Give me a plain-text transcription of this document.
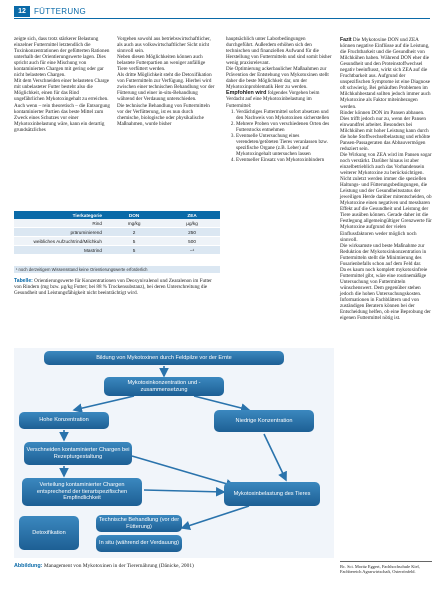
12	FÜTTERUNG

zeigte sich, dass trotz stärkerer Belastung einzelner Futtermittel letztendlich die Toxinkonzentrationen der gefütterten Rationen unterhalb der Orientierungswerte lagen. Dies spricht auch für eine Mischung von kontaminierten Chargen mit gering oder gar nicht belasteten Chargen.

Mit dem Verschneiden einer belasteten Charge mit unbelasteter Futter besteht also die Möglichkeit, einen für das Rind ungefährlichen Mykotoxingehalt zu erreichen.

Auch wenn – rein theoretisch – die Entsorgung kontaminierter Partien das beste Mittel zum Zweck eines Schutzes vor einer Mykotoxinbelastung wäre, kann ein derartig grundsätzliches

Vorgehen sowohl aus betriebswirtschaftlicher, als auch aus volkswirtschaftlicher Sicht nicht sinnvoll sein.

Neben diesen Möglichkeiten können auch belastete Futterpartien an weniger anfällige Tiere verfüttert werden.

Als dritte Möglichkeit steht die Detoxifikation von Futtermitteln zur Verfügung. Hierbei wird zwischen einer technischen Behandlung vor der Fütterung und einer in-situ-Behandlung während der Verdauung unterschieden.

Die technische Behandlung von Futtermitteln vor der Verfütterung, ist es nun durch chemische, biologische oder physikalische Maßnahmen, wurde bisher

hauptsächlich unter Laborbedingungen durchgeführt. Außerdem erhöhen sich den technischen und finanziellen Aufwand für die Herstellung von Futtermitteln und sind somit bisher wenig praxisrelevant.

Die Optimierung ackerbaulicher Maßnahmen zur Prävention der Entstehung von Mykotoxinen stellt daher die beste Möglichkeit dar, um der Mykotoxinproblematik Herr zu werden.

Empfohlen wird folgendes Vorgehen beim Verdacht auf eine Mykotoxinbelastung im Futtermittel:

1. Verdächtiges Futtermittel sofort absetzen und den Nachweis von Mykotoxinen sicherstellen
2. Mehrere Proben von verschiedenen Orten des Futterstocks entnehmen
3. Eventuelle Untersuchung eines verendeten/getöteten Tieres veranlassen bzw. spezifische Organe (z.B. Leber) auf Mykotoxingehalt untersuchen lassen
4. Eventueller Einsatz von Mykotoxinbindern

Fazit Die Mykotoxine DON und ZEA können negative Einflüsse auf die Leistung, die Fruchtbarkeit und die Gesundheit von Milchkühen haben. Während DON eher die Gesundheit und den Proteinstoffwechsel negativ beeinflusst, wirkt sich ZEA auf die Fruchtbarkeit aus. Aufgrund der unspezifischen Symptome ist eine Diagnose oft schwierig. Bei gehäuften Problemen im Milchkuhbestand sollten jedoch immer auch Mykotoxine als Faktor miteinbezogen werden.

Rinder können DON im Pansen abbauen. Dies trifft jedoch nur zu, wenn der Pansen einwandfrei arbeitet. Besonders bei Milchkühen mit hoher Leistung kann durch die hohe Stoffwechselbelastung und erhöhte Pansen-Passageraten das Abbauvermögen reduziert sein.

Die Wirkung von ZEA wird im Pansen sogar noch verstärkt. Darüber hinaus ist aber einzelbetrieblich auch das Vorhandensein weiterer Mykotoxine zu berücksichtigen. Nicht zuletzt werden immer die speziellen Haltungs- und Fütterungsbedingungen, die Leistung und der Gesundheitsstatus der jeweiligen Herde darüber mitentscheiden, ob Mykotoxine einen negativen und messbaren Effekt auf die Gesundheit und Leistung der Tiere ausüben können. Gerade daher ist die Festlegung allgemeingültiger Grenzwerte für Mykotoxine aufgrund der vielen Einflussfaktoren weder möglich noch sinnvoll.

Die wirksamste und beste Maßnahme zur Reduktion der Mykotoxinkonzentration in Futtermitteln stellt die Minimierung des Fusarienbefalls schon auf dem Feld dar.

Da es kaum noch komplett mykotoxinfreie Futtermittel gibt, wäre eine routinemäßige Untersuchung von Futtermitteln wünschenswert. Dem gegenüber stehen jedoch die hohen Untersuchungskosten. Informationen in Fachblättern und von zuständigen Beratern können bei der Entscheidung helfen, ob eine Beprobung der eigenen Futtermittel nötig ist.

Bc. Sci. Moritz Eggert, Fachhochschule Kiel, Fachbereich Agrarwirtschaft, Osterrönfeld.
Tierkategorie	DON	ZEA
Rind	mg/kg	µg/kg
präruminierend	2	250
weibliches Aufzuchtrind/Milchkuh	5	500
Mastrind	5	–¹
¹ noch derzeitigem Wissensstand keine Orientierungswerte erforderlich
Tabelle: Orientierungswerte für Konzentrationen von Deoxynivalenol und Zearalenon im Futter von Rindern (mg bzw. µg/kg Futter; bei 88 % Trockensubstanz), bei deren Unterschreitung die Gesundheit und Leistungsfähigkeit nicht beeinträchtigt wird.
Bildung von Mykotoxinen durch Feldpilze vor der Ernte
Mykotoxinkonzentration und -zusammensetzung
Hohe Konzentration	Niedrige Konzentration
Verschneiden kontaminierter Chargen bei Rezepturgestaltung
Verteilung kontaminierter Chargen entsprechend der tierartspezifischen Empfindlichkeit
Mykotoxinbelastung des Tieres
Detoxifikation
Technische Behandlung (vor der Fütterung)
In situ (während der Verdauung)
Abbildung: Management von Mykotoxinen in der Tierernährung (Dänicke, 2001)
